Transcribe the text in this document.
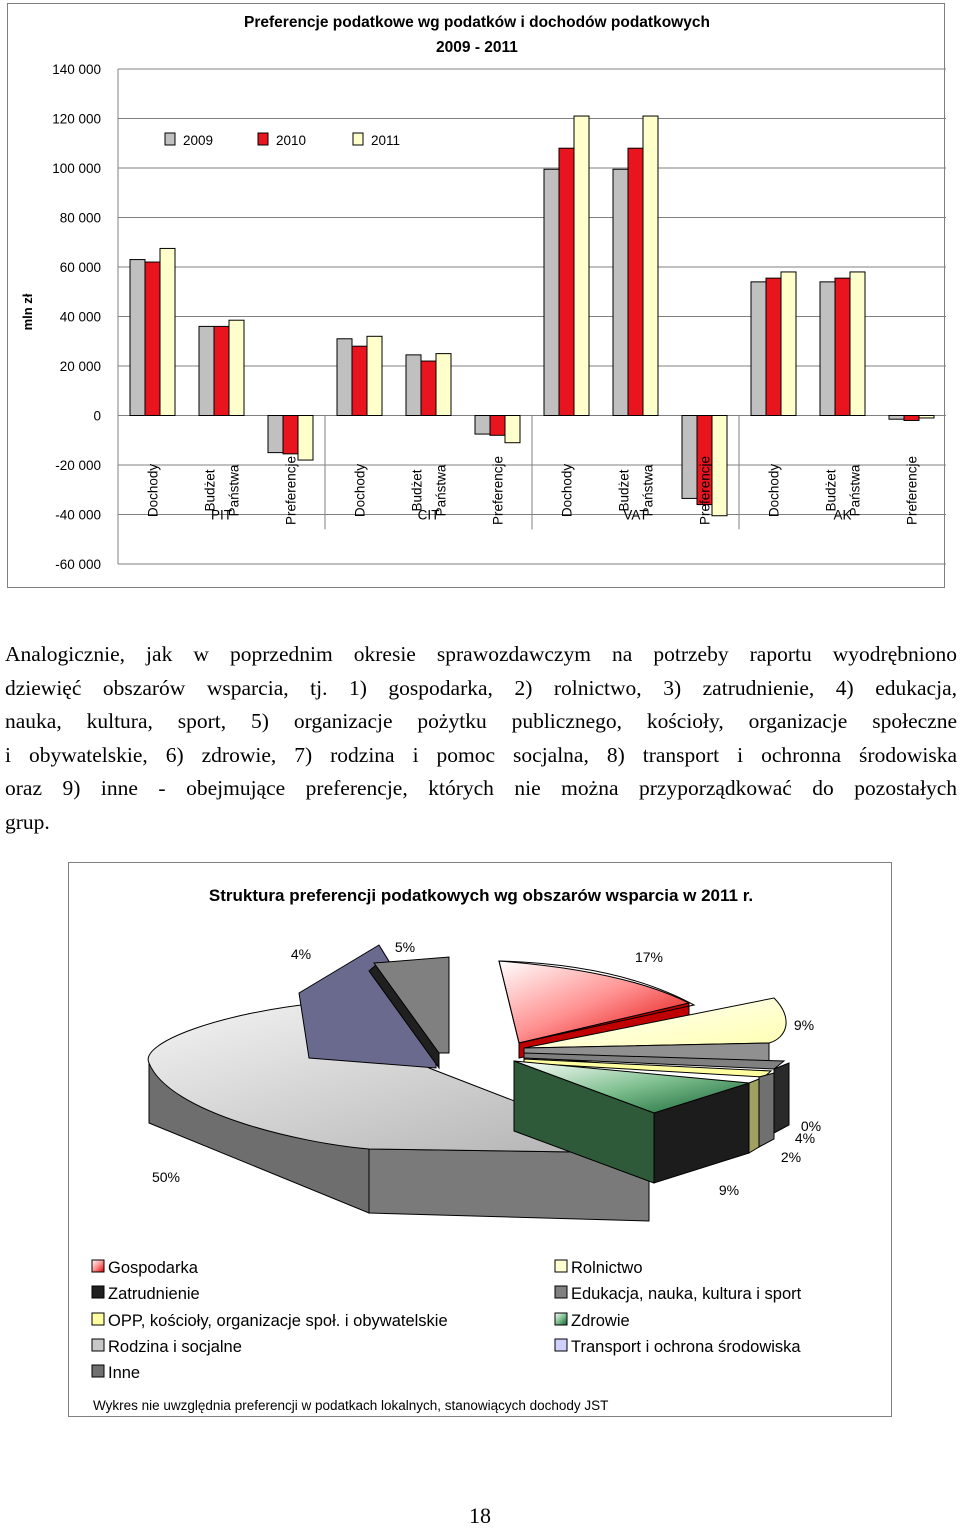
Preferencje podatkowe wg podatków i dochodów podatkowych
2009 - 2011
mln zł
140 000
120 000
100 000
80 000
60 000
40 000
20 000
0
-20 000
-40 000
-60 000
Dochody	Budżet Państwa	Preferencje	Dochody	Budżet Państwa	Preferencje	Dochody	Budżet Państwa	Preferencje	Dochody	Budżet Państwa	Preferencje
PIT	CIT	VAT	AK
2009	2010	2011
Analogicznie, jak w poprzednim okresie sprawozdawczym na potrzeby raportu wyodrębniono
dziewięć obszarów wsparcia, tj. 1) gospodarka, 2) rolnictwo, 3) zatrudnienie, 4) edukacja,
nauka, kultura, sport, 5) organizacje pożytku publicznego, kościoły, organizacje społeczne
i obywatelskie, 6) zdrowie, 7) rodzina i pomoc socjalna, 8) transport i ochronna środowiska
oraz 9) inne - obejmujące preferencje, których nie można przyporządkować do pozostałych
grup.
Struktura preferencji podatkowych wg obszarów wsparcia w 2011 r.
4%	5%
17%
9%
0%
4%
2%
9%
50%
Gospodarka	Rolnictwo
Zatrudnienie	Edukacja, nauka, kultura i sport
OPP, kościoły, organizacje społ. i obywatelskie	Zdrowie
Rodzina i socjalne	Transport i ochrona środowiska
Inne
Wykres nie uwzględnia preferencji w podatkach lokalnych, stanowiących dochody JST
18
